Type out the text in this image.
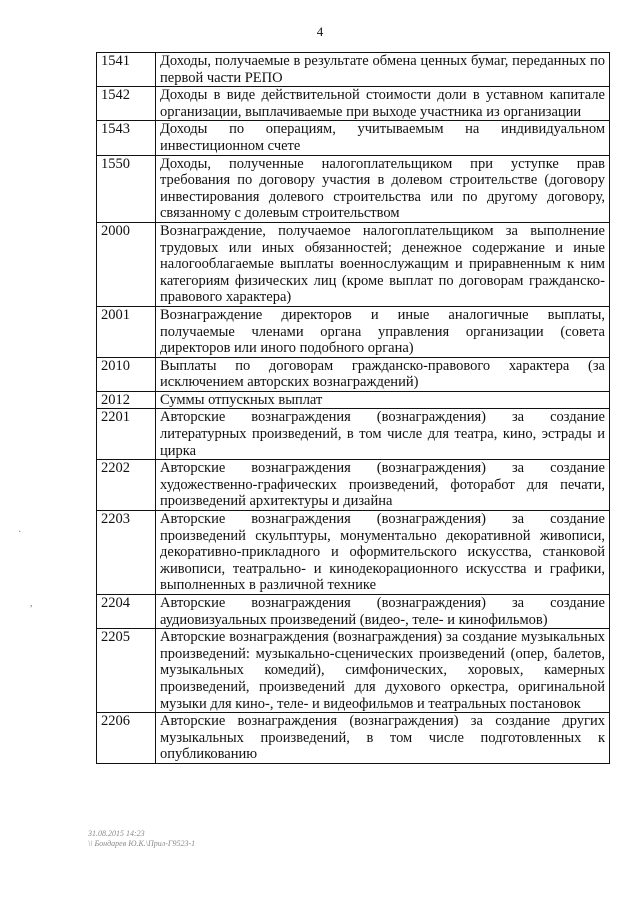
4
1541	Доходы, получаемые в результате обмена ценных бумаг, переданных по первой части РЕПО
1542	Доходы в виде действительной стоимости доли в уставном капитале организации, выплачиваемые при выходе участника из организации
1543	Доходы по операциям, учитываемым на индивидуальном инвестиционном счете
1550	Доходы, полученные налогоплательщиком при уступке прав требования по договору участия в долевом строительстве (договору инвестирования долевого строительства или по другому договору, связанному с долевым строительством
2000	Вознаграждение, получаемое налогоплательщиком за выполнение трудовых или иных обязанностей; денежное содержание и иные налогооблагаемые выплаты военнослужащим и приравненным к ним категориям физических лиц (кроме выплат по договорам гражданско-правового характера)
2001	Вознаграждение директоров и иные аналогичные выплаты, получаемые членами органа управления организации (совета директоров или иного подобного органа)
2010	Выплаты по договорам гражданско-правового характера (за исключением авторских вознаграждений)
2012	Суммы отпускных выплат
2201	Авторские вознаграждения (вознаграждения) за создание литературных произведений, в том числе для театра, кино, эстрады и цирка
2202	Авторские вознаграждения (вознаграждения) за создание художественно-графических произведений, фоторабот для печати, произведений архитектуры и дизайна
2203	Авторские вознаграждения (вознаграждения) за создание произведений скульптуры, монументально декоративной живописи, декоративно-прикладного и оформительского искусства, станковой живописи, театрально- и кинодекорационного искусства и графики, выполненных в различной технике
2204	Авторские вознаграждения (вознаграждения) за создание аудиовизуальных произведений (видео-, теле- и кинофильмов)
2205	Авторские вознаграждения (вознаграждения) за создание музыкальных произведений: музыкально-сценических произведений (опер, балетов, музыкальных комедий), симфонических, хоровых, камерных произведений, произведений для духового оркестра, оригинальной музыки для кино-, теле- и видеофильмов и театральных постановок
2206	Авторские вознаграждения (вознаграждения) за создание других музыкальных произведений, в том числе подготовленных к опубликованию
·
,
31.08.2015 14:23
\\ Бондарев Ю.К.\Прил-Г9523-1
